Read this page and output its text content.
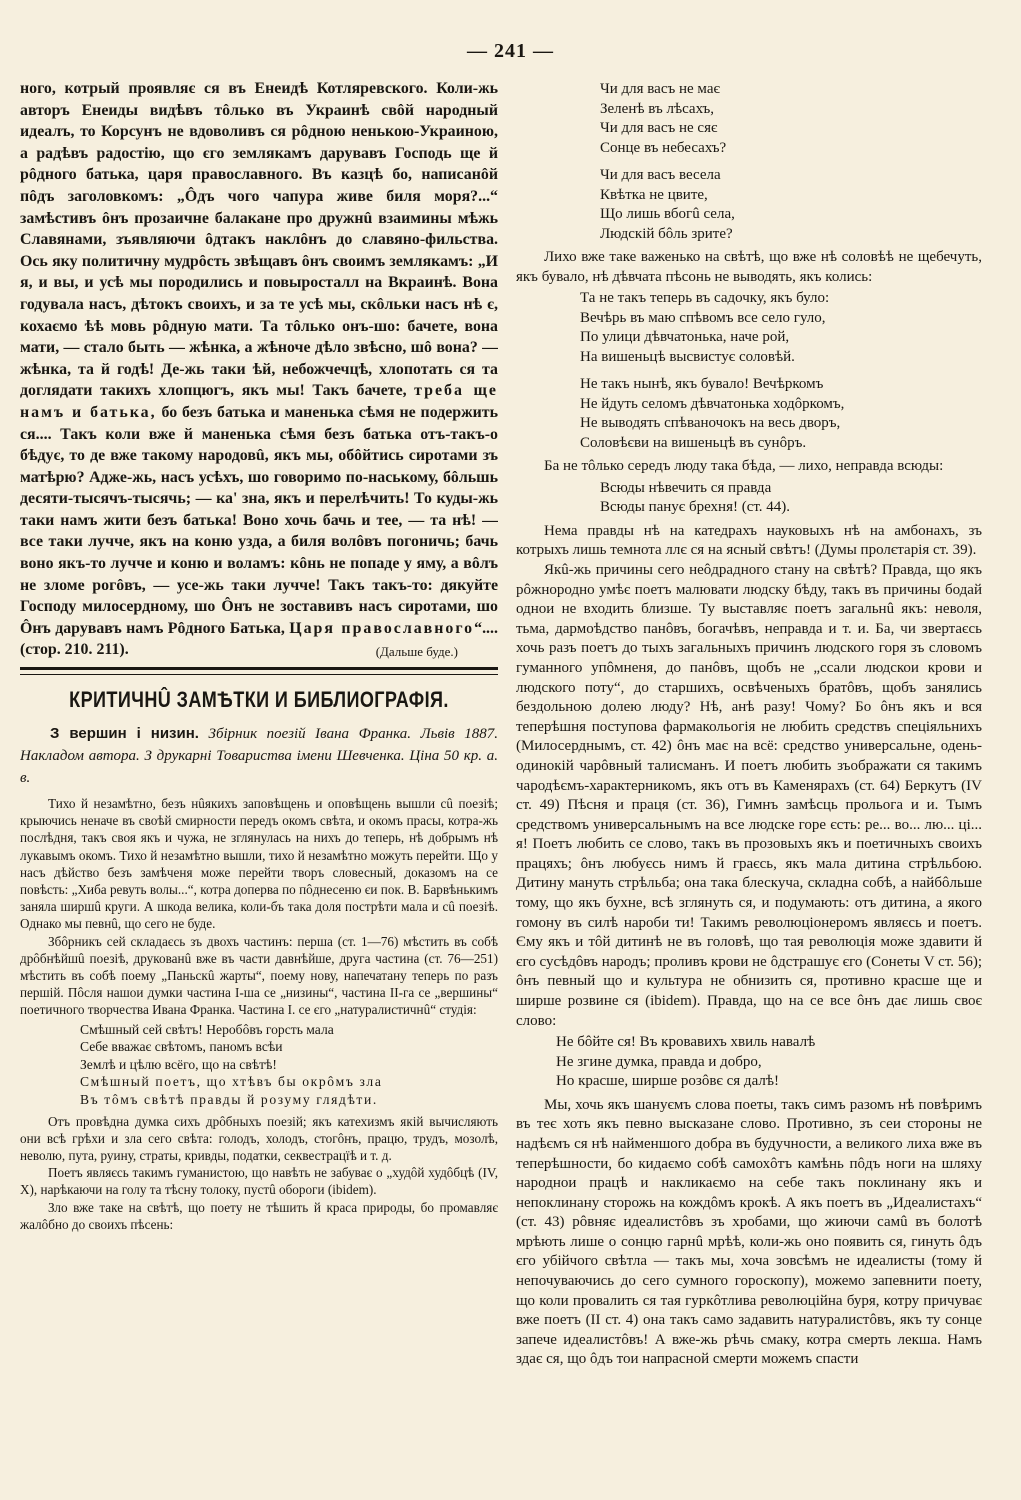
— 241 —

ного, котрый проявляє ся въ Енеидѣ Котляревского. Коли-жь авторъ Енеиды видѣвъ тôлько въ Украинѣ свôй народный идеалъ, то Корсунъ не вдоволивъ ся рôдною ненькою-Украиною, а радѣвъ радостію, що єго землякамъ дарувавъ Господь ще й рôдного батька, царя православного. Въ казцѣ бо, написанôй пôдъ заголовкомъ: „Ôдъ чого чапура живе биля моря?...“ замѣстивъ ôнъ прозаичне балакане про дружнû взаимины мѣжь Славянами, зъявляючи ôдтакъ наклôнъ до славяно-фильства. Ось яку политичну мудрôсть звѣщавъ ôнъ своимъ землякамъ: „И я, и вы, и усѣ мы породились и повыросталл на Вкраинѣ. Вона годувала насъ, дѣтокъ своихъ, и за те усѣ мы, скôльки насъ нѣ є, кохаємо ѣѣ мовь рôдную мати. Та тôлько онъ-шо: бачете, вона мати, — стало быть — жѣнка, а жѣноче дѣло звѣсно, шô вона? — жѣнка, та й годѣ! Де-жь таки ѣй, небожчечцѣ, хлопотать ся та доглядати такихъ хлопцюгъ, якъ мы! Такъ бачете, треба ще намъ и батька, бо безъ батька и маненька сѣмя не подержить ся.... Такъ коли вже й маненька сѣмя безъ батька отъ-такъ-о бѣдує, то де вже такому народовû, якъ мы, обôйтись сиротами зъ матѣрю? Адже-жь, насъ усѣхъ, шо говоримо по-наському, бôльшь десяти-тысячъ-тысячь; — ка' зна, якъ и перелѣчить! То куды-жь таки намъ жити безъ батька! Воно хочь бачь и тее, — та нѣ! — все таки лучче, якъ на коню узда, а биля волôвъ погоничь; бачь воно якъ-то лучче и коню и воламъ: кôнь не попаде у яму, а вôлъ не зломе рогôвъ, — усе-жь таки лучче! Такъ такъ-то: дякуйте Господу милосердному, шо Ôнъ не зоставивъ насъ сиротами, шо Ôнъ дарувавъ намъ Рôдного Батька, Царя православного“.... (стор. 210. 211).	(Дальше буде.)
КРИТИЧНÛ ЗАМѢТКИ И БИБЛИОГРАФІЯ.

З вершин і низин. Збірник поезій Івана Франка. Львів 1887. Накладом автора. З друкарні Товариства імени Шевченка. Ціна 50 кр. а. в.

Тихо й незамѣтно, безъ нûякихъ заповѣщень и оповѣщень вышли сû поезіѣ; крыючись неначе въ своѣй смирности передъ окомъ свѣта, и окомъ прасы, котра-жь послѣдня, такъ своя якъ и чужа, не зглянулась на нихъ до теперь, нѣ добрымъ нѣ лукавымъ окомъ. Тихо й незамѣтно вышли, тихо й незамѣтно можуть перейти. Що у насъ дѣйство безъ замѣченя може перейти творъ словесный, доказомъ на се повѣсть: „Хиба ревуть волы...“, котра доперва по пôднесеню єи пок. В. Барвѣнькимъ заняла ширшû круги. А шкода велика, коли-бъ така доля пострѣти мала и сû поезіѣ. Однако мы певнû, що сего не буде.

Збôрникъ сей складаєсь зъ двохъ частинъ: перша (ст. 1—76) мѣстить въ собѣ дрôбнѣйшû поезіѣ, друкованû вже въ части давнѣйше, друга частина (ст. 76—251) мѣстить въ собѣ поему „Паньскû жарты“, поему нову, напечатану теперь по разъ першій. Пôсля нашои думки частина I-ша се „низины“, частина II-га се „вершины“ поетичного творчества Ивана Франка. Частина I. се єго „натуралистичнû“ студія:

Смѣшный сей свѣтъ! Неробôвъ горсть мала
Себе вважає свѣтомъ, паномъ всѣи
Землѣ и цѣлю всёго, що на свѣтѣ!
Смѣшный поетъ, що хтѣвъ бы окрôмъ зла
Въ тôмъ свѣтѣ правды й розуму глядѣти.

Отъ провѣдна думка сихъ дрôбныхъ поезій; якъ катехизмъ якій вычисляють они всѣ грѣхи и зла сего свѣта: голодъ, холодъ, стогôнъ, працю, трудъ, мозолѣ, неволю, пута, руину, страты, кривды, податки, секвестрацїѣ и т. д.

Поетъ являєсь такимъ гуманистою, що навѣть не забуває о „худôй худôбцѣ (IV, X), нарѣкаючи на голу та тѣсну толоку, пустû обороги (ibidem).

Зло вже таке на свѣтѣ, що поету не тѣшить й краса природы, бо промавляє жалôбно до своихъ пѣсень:

Чи для васъ не має
Зеленѣ въ лѣсахъ,
Чи для васъ не сяє
Сонце въ небесахъ?
Чи для васъ весела
Квѣтка не цвите,
Що лишь вбогû села,
Людскій бôль зрите?

Лихо вже таке важенько на свѣтѣ, що вже нѣ соловѣѣ не щебечуть, якъ бувало, нѣ дѣвчата пѣсонь не выводять, якъ колись:

Та не такъ теперь въ садочку, якъ було:
Вечѣрь въ маю спѣвомъ все село гуло,
По улици дѣвчатонька, наче рой,
На вишеньцѣ высвистує соловѣй.
Не такъ нынѣ, якъ бувало! Вечѣркомъ
Не йдуть селомъ дѣвчатонька ходôркомъ,
Не выводять спѣваночокъ на весь дворъ,
Соловѣєви на вишеньцѣ въ сунôръ.

Ба не тôлько середъ люду така бѣда, — лихо, неправда всюды:

Всюды нѣвечить ся правда
Всюды панує брехня! (ст. 44).

Нема правды нѣ на катедрахъ науковыхъ нѣ на амбонахъ, зъ котрыхъ лишь темнота ллє ся на ясный свѣтъ! (Думы пролєтарія ст. 39).

Якû-жь причины сего неôдрадного стану на свѣтѣ? Правда, що якъ рôжнородно умѣє поетъ малювати людску бѣду, такъ въ причины бодай однои не входить близше. Ту выставляє поетъ загальнû якъ: неволя, тьма, дармоѣдство панôвъ, богачѣвъ, неправда и т. и. Ба, чи звертаєсь хочь разъ поетъ до тыхъ загальныхъ причинъ людского горя зъ словомъ гуманного упôмненя, до панôвъ, щобъ не „ссали людскои крови и людского поту“, до старшихъ, освѣченыхъ братôвъ, щобъ занялись бездольною долею люду? Нѣ, анѣ разу! Чому? Бо ôнъ якъ и вся теперѣшня поступова фармакольогія не любить средствъ спеціяльнихъ (Милосерднымъ, ст. 42) ôнъ має на всё: средство универсальне, одень-одинокій чарôвный талисманъ. И поетъ любить зъображати ся такимъ чародѣємъ-характерникомъ, якъ отъ въ Каменярахъ (ст. 64) Беркутъ (IV ст. 49) Пѣсня и праця (ст. 36), Гимнъ замѣсць прольога и и. Тымъ средствомъ универсальнымъ на все людске горе єсть: ре... во... лю... ці... я! Поетъ любить се слово, такъ въ прозовыхъ якъ и поетичныхъ своихъ працяхъ; ôнъ любуєсь нимъ й граєсь, якъ мала дитина стрѣльбою. Дитину мануть стрѣльба; она така блескуча, складна собѣ, а найбôльше тому, що якъ бухне, всѣ зглянуть ся, и подумають: отъ дитина, а якого гомону въ силѣ нароби ти! Такимъ революціонеромъ являєсь и поетъ. Єму якъ и тôй дитинѣ не въ головѣ, що тая революція може здавити й єго сусѣдôвъ народъ; проливъ крови не ôдстрашує єго (Сонеты V ст. 56); ôнъ певный що и культура не обнизить ся, противно красше ще и ширше розвине ся (ibidem). Правда, що на се все ôнъ дає лишь своє слово:

Не бôйте ся! Въ кровавихъ хвиль навалѣ
Не згине думка, правда и добро,
Но красше, ширше розôвє ся далѣ!

Мы, хочь якъ шануємъ слова поеты, такъ симъ разомъ нѣ повѣримъ въ теє хоть якъ певно высказане слово. Противно, зъ сеи стороны не надѣємъ ся нѣ найменшого добра въ будучности, а великого лиха вже въ теперѣшности, бо кидаємо собѣ самохôтъ камѣнь пôдъ ноги на шляху народнои працѣ и накликаємо на себе такъ поклинану якъ и непоклинану сторожь на кождôмъ крокѣ. А якъ поетъ въ „Идеалистахъ“ (ст. 43) рôвняє идеалистôвъ зъ хробами, що жиючи самû въ болотѣ мрѣють лише о сонцю гарнû мрѣѣ, коли-жь оно появить ся, гинуть ôдъ єго убійчого свѣтла — такъ мы, хоча зовсѣмъ не идеалисты (тому й непочуваючись до сего сумного гороскопу), можемо запевнити поету, що коли провалить ся тая гуркôтлива революційна буря, котру причуває вже поетъ (II ст. 4) она такъ само задавить натуралистôвъ, якъ ту сонце запече идеалистôвъ! А вже-жь рѣчь смаку, котра смерть лекша. Намъ здає ся, що ôдъ тои напрасной смерти можемъ спасти
